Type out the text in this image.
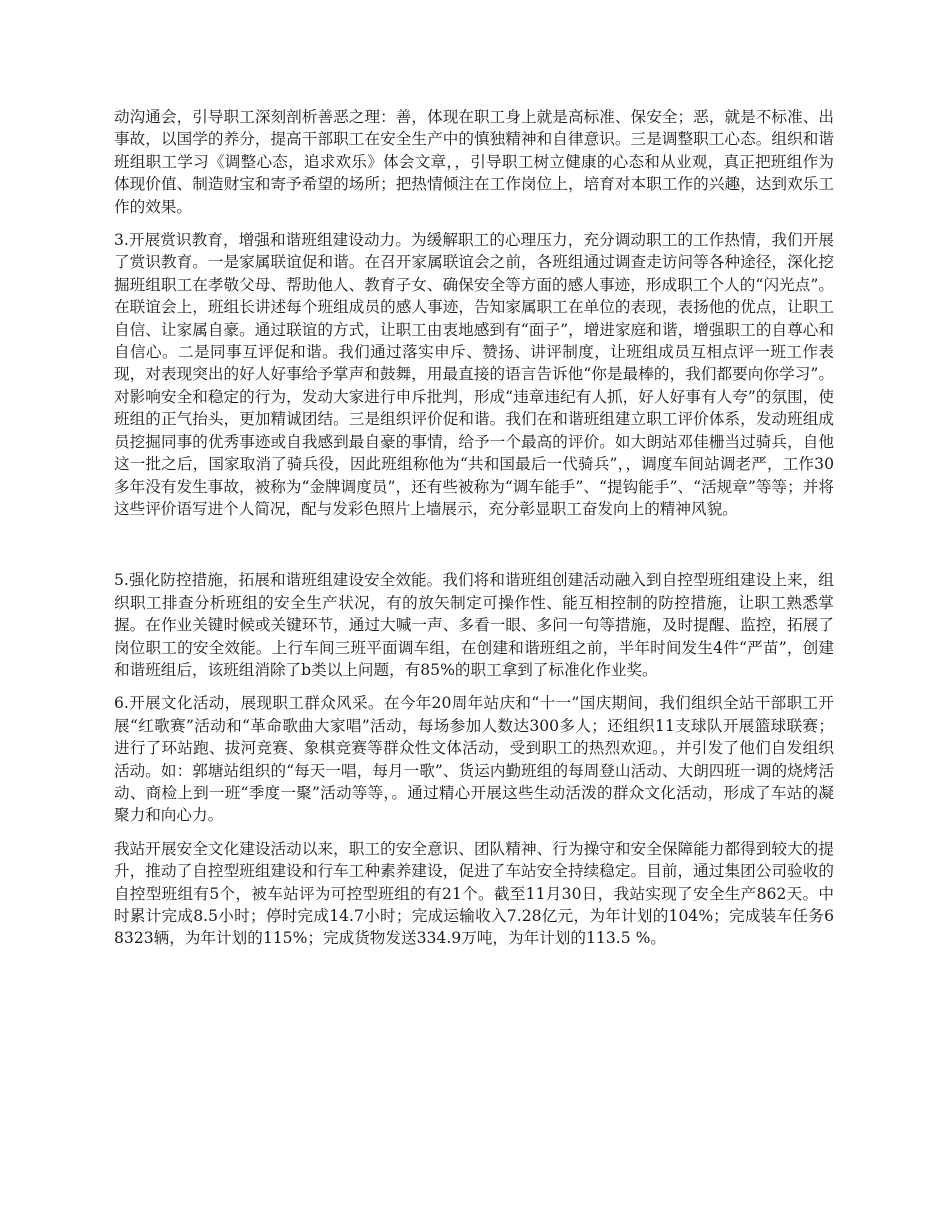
动沟通会，引导职工深刻剖析善恶之理：善，体现在职工身上就是高标准、保安全；恶，就是不标准、出事故，以国学的养分，提高干部职工在安全生产中的慎独精神和自律意识。三是调整职工心态。组织和谐班组职工学习《调整心态，追求欢乐》体会文章，，引导职工树立健康的心态和从业观，真正把班组作为体现价值、制造财宝和寄予希望的场所；把热情倾注在工作岗位上，培育对本职工作的兴趣，达到欢乐工作的效果。

3.开展赏识教育，增强和谐班组建设动力。为缓解职工的心理压力，充分调动职工的工作热情，我们开展了赏识教育。一是家属联谊促和谐。在召开家属联谊会之前，各班组通过调查走访问等各种途径，深化挖掘班组职工在孝敬父母、帮助他人、教育子女、确保安全等方面的感人事迹，形成职工个人的“闪光点”。在联谊会上，班组长讲述每个班组成员的感人事迹，告知家属职工在单位的表现，表扬他的优点，让职工自信、让家属自豪。通过联谊的方式，让职工由衷地感到有“面子”，增进家庭和谐，增强职工的自尊心和自信心。二是同事互评促和谐。我们通过落实申斥、赞扬、讲评制度，让班组成员互相点评一班工作表现，对表现突出的好人好事给予掌声和鼓舞，用最直接的语言告诉他“你是最棒的，我们都要向你学习”。对影响安全和稳定的行为，发动大家进行申斥批判，形成“违章违纪有人抓，好人好事有人夸”的氛围，使班组的正气抬头，更加精诚团结。三是组织评价促和谐。我们在和谐班组建立职工评价体系，发动班组成员挖掘同事的优秀事迹或自我感到最自豪的事情，给予一个最高的评价。如大朗站邓佳栅当过骑兵，自他这一批之后，国家取消了骑兵役，因此班组称他为“共和国最后一代骑兵”，，调度车间站调老严，工作30多年没有发生事故，被称为“金牌调度员”，还有些被称为“调车能手”、“提钩能手”、“活规章”等等；并将这些评价语写进个人简况，配与发彩色照片上墙展示，充分彰显职工奋发向上的精神风貌。

5.强化防控措施，拓展和谐班组建设安全效能。我们将和谐班组创建活动融入到自控型班组建设上来，组织职工排查分析班组的安全生产状况，有的放矢制定可操作性、能互相控制的防控措施，让职工熟悉掌握。在作业关键时候或关键环节，通过大喊一声、多看一眼、多问一句等措施，及时提醒、监控，拓展了岗位职工的安全效能。上行车间三班平面调车组，在创建和谐班组之前，半年时间发生4件“严苗”，创建和谐班组后，该班组消除了b类以上问题，有85%的职工拿到了标准化作业奖。

6.开展文化活动，展现职工群众风采。在今年20周年站庆和“十一”国庆期间，我们组织全站干部职工开展“红歌赛”活动和“革命歌曲大家唱”活动，每场参加人数达300多人；还组织11支球队开展篮球联赛；进行了环站跑、拔河竞赛、象棋竞赛等群众性文体活动，受到职工的热烈欢迎。，并引发了他们自发组织活动。如：郭塘站组织的“每天一唱，每月一歌”、货运内勤班组的每周登山活动、大朗四班一调的烧烤活动、商检上到一班“季度一聚”活动等等，。通过精心开展这些生动活泼的群众文化活动，形成了车站的凝聚力和向心力。

我站开展安全文化建设活动以来，职工的安全意识、团队精神、行为操守和安全保障能力都得到较大的提升，推动了自控型班组建设和行车工种素养建设，促进了车站安全持续稳定。目前，通过集团公司验收的自控型班组有5个，被车站评为可控型班组的有21个。截至11月30日，我站实现了安全生产862天。中时累计完成8.5小时；停时完成14.7小时；完成运输收入7.28亿元，为年计划的104%；完成装车任务68323辆，为年计划的115%；完成货物发送334.9万吨，为年计划的113.5 %。
